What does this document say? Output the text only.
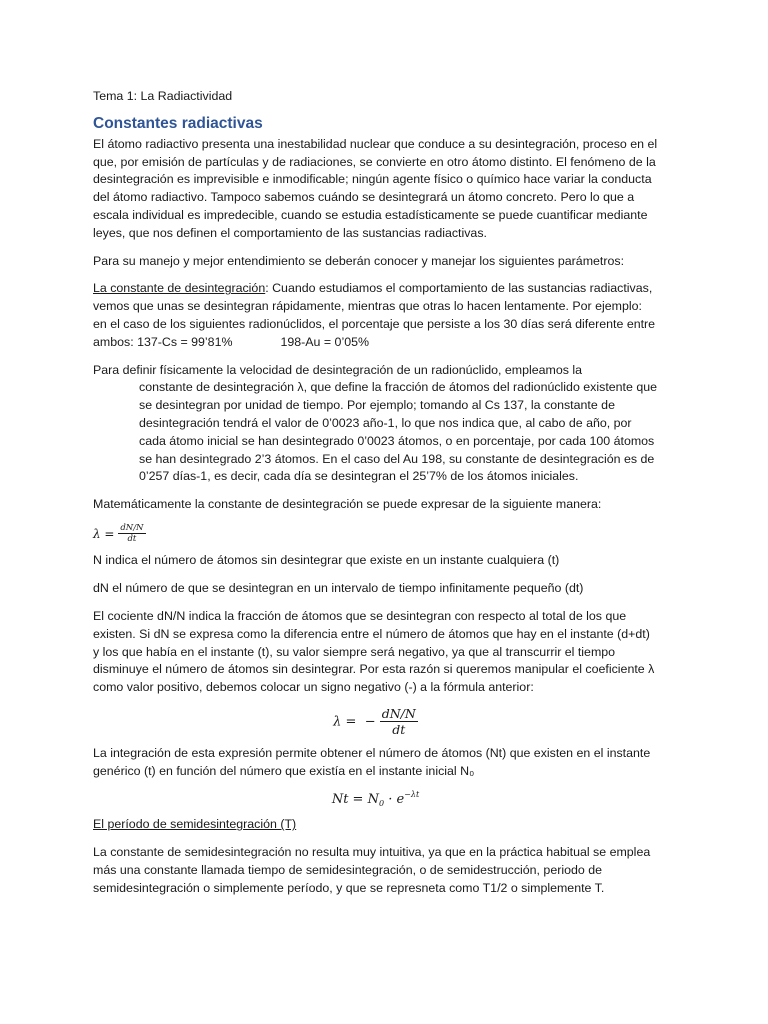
Tema 1: La Radiactividad

Constantes radiactivas

El átomo radiactivo presenta una inestabilidad nuclear que conduce a su desintegración, proceso en el que, por emisión de partículas y de radiaciones, se convierte en otro átomo distinto. El fenómeno de la desintegración es imprevisible e inmodificable; ningún agente físico o químico hace variar la conducta del átomo radiactivo. Tampoco sabemos cuándo se desintegrará un átomo concreto. Pero lo que a escala individual es impredecible, cuando se estudia estadísticamente se puede cuantificar mediante leyes, que nos definen el comportamiento de las sustancias radiactivas.

Para su manejo y mejor entendimiento se deberán conocer y manejar los siguientes parámetros:

La constante de desintegración: Cuando estudiamos el comportamiento de las sustancias radiactivas, vemos que unas se desintegran rápidamente, mientras que otras lo hacen lentamente. Por ejemplo: en el caso de los siguientes radionúclidos, el porcentaje que persiste a los 30 días será diferente entre ambos: 137-Cs = 99’81%	198-Au = 0’05%

Para definir físicamente la velocidad de desintegración de un radionúclido, empleamos la

constante de desintegración λ, que define la fracción de átomos del radionúclido existente que se desintegran por unidad de tiempo. Por ejemplo; tomando al Cs 137, la constante de desintegración tendrá el valor de 0’0023 año-1, lo que nos indica que, al cabo de año, por cada átomo inicial se han desintegrado 0’0023 átomos, o en porcentaje, por cada 100 átomos se han desintegrado 2’3 átomos. En el caso del Au 198, su constante de desintegración es de 0’257 días-1, es decir, cada día se desintegran el 25’7% de los átomos iniciales.

Matemáticamente la constante de desintegración se puede expresar de la siguiente manera:

$\lambda = \frac{dN/N}{dt}$

N indica el número de átomos sin desintegrar que existe en un instante cualquiera (t)

dN el número de que se desintegran en un intervalo de tiempo infinitamente pequeño (dt)

El cociente dN/N indica la fracción de átomos que se desintegran con respecto al total de los que existen. Si dN se expresa como la diferencia entre el número de átomos que hay en el instante (d+dt) y los que había en el instante (t), su valor siempre será negativo, ya que al transcurrir el tiempo disminuye el número de átomos sin desintegrar. Por esta razón si queremos manipular el coeficiente λ como valor positivo, debemos colocar un signo negativo (-) a la fórmula anterior:

λ = − $\frac{dN/N}{dt}$

La integración de esta expresión permite obtener el número de átomos (Nt) que existen en el instante genérico (t) en función del número que existía en el instante inicial N₀

$Nt = N_0 \cdot e^{-\lambda t}$

El período de semidesintegración (T)

La constante de semidesintegración no resulta muy intuitiva, ya que en la práctica habitual se emplea más una constante llamada tiempo de semidesintegración, o de semidestrucción, periodo de semidesintegración o simplemente período, y que se represneta como T1/2 o simplemente T.
